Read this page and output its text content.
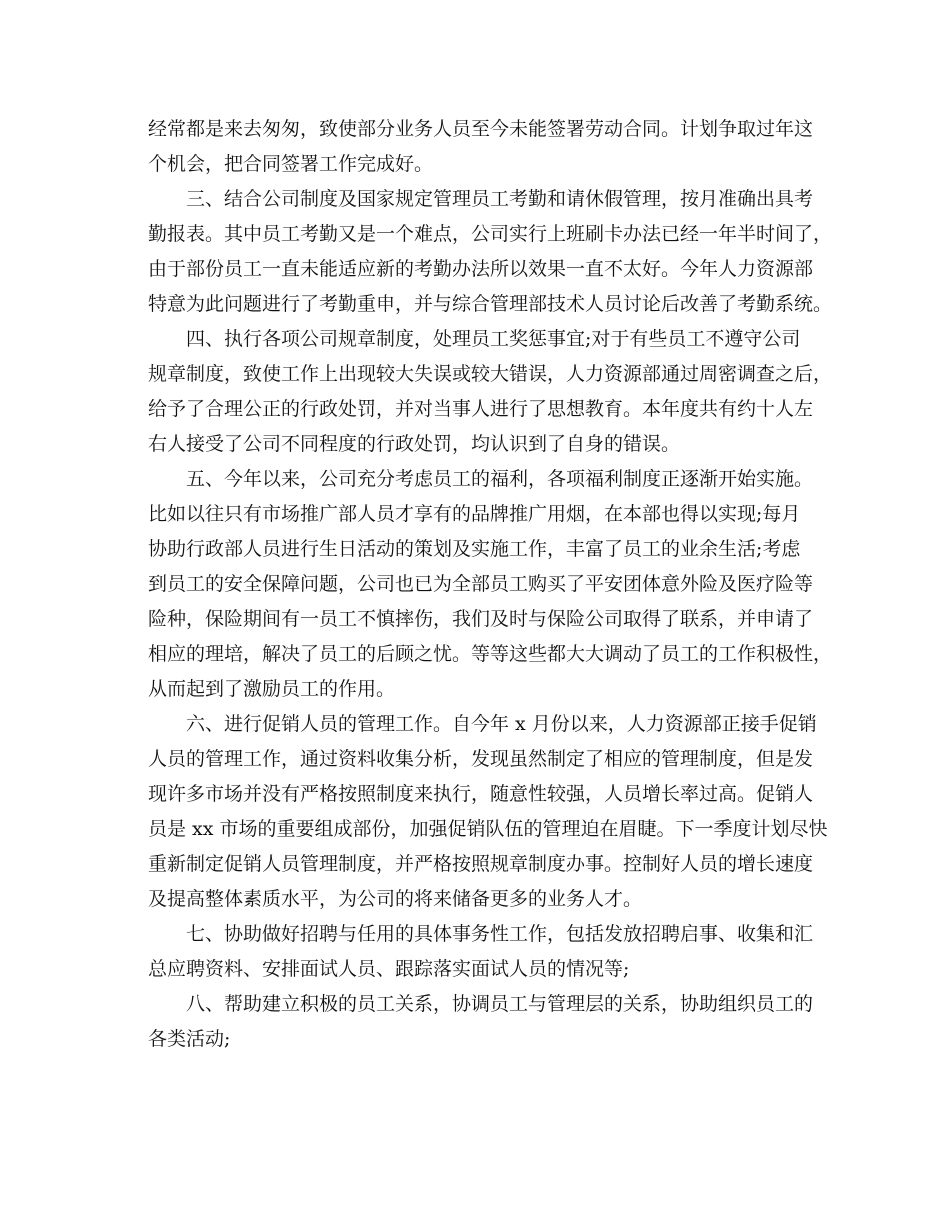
经常都是来去匆匆，致使部分业务人员至今未能签署劳动合同。计划争取过年这
个机会，把合同签署工作完成好。
三、结合公司制度及国家规定管理员工考勤和请休假管理，按月准确出具考
勤报表。其中员工考勤又是一个难点，公司实行上班刷卡办法已经一年半时间了，
由于部份员工一直未能适应新的考勤办法所以效果一直不太好。今年人力资源部
特意为此问题进行了考勤重申，并与综合管理部技术人员讨论后改善了考勤系统。
四、执行各项公司规章制度，处理员工奖惩事宜;对于有些员工不遵守公司
规章制度，致使工作上出现较大失误或较大错误，人力资源部通过周密调查之后，
给予了合理公正的行政处罚，并对当事人进行了思想教育。本年度共有约十人左
右人接受了公司不同程度的行政处罚，均认识到了自身的错误。
五、今年以来，公司充分考虑员工的福利，各项福利制度正逐渐开始实施。
比如以往只有市场推广部人员才享有的品牌推广用烟，在本部也得以实现;每月
协助行政部人员进行生日活动的策划及实施工作，丰富了员工的业余生活;考虑
到员工的安全保障问题，公司也已为全部员工购买了平安团体意外险及医疗险等
险种，保险期间有一员工不慎摔伤，我们及时与保险公司取得了联系，并申请了
相应的理培，解决了员工的后顾之忧。等等这些都大大调动了员工的工作积极性，
从而起到了激励员工的作用。
六、进行促销人员的管理工作。自今年 x 月份以来，人力资源部正接手促销
人员的管理工作，通过资料收集分析，发现虽然制定了相应的管理制度，但是发
现许多市场并没有严格按照制度来执行，随意性较强，人员增长率过高。促销人
员是 xx 市场的重要组成部份，加强促销队伍的管理迫在眉睫。下一季度计划尽快
重新制定促销人员管理制度，并严格按照规章制度办事。控制好人员的增长速度
及提高整体素质水平，为公司的将来储备更多的业务人才。
七、协助做好招聘与任用的具体事务性工作，包括发放招聘启事、收集和汇
总应聘资料、安排面试人员、跟踪落实面试人员的情况等;
八、帮助建立积极的员工关系，协调员工与管理层的关系，协助组织员工的
各类活动;
